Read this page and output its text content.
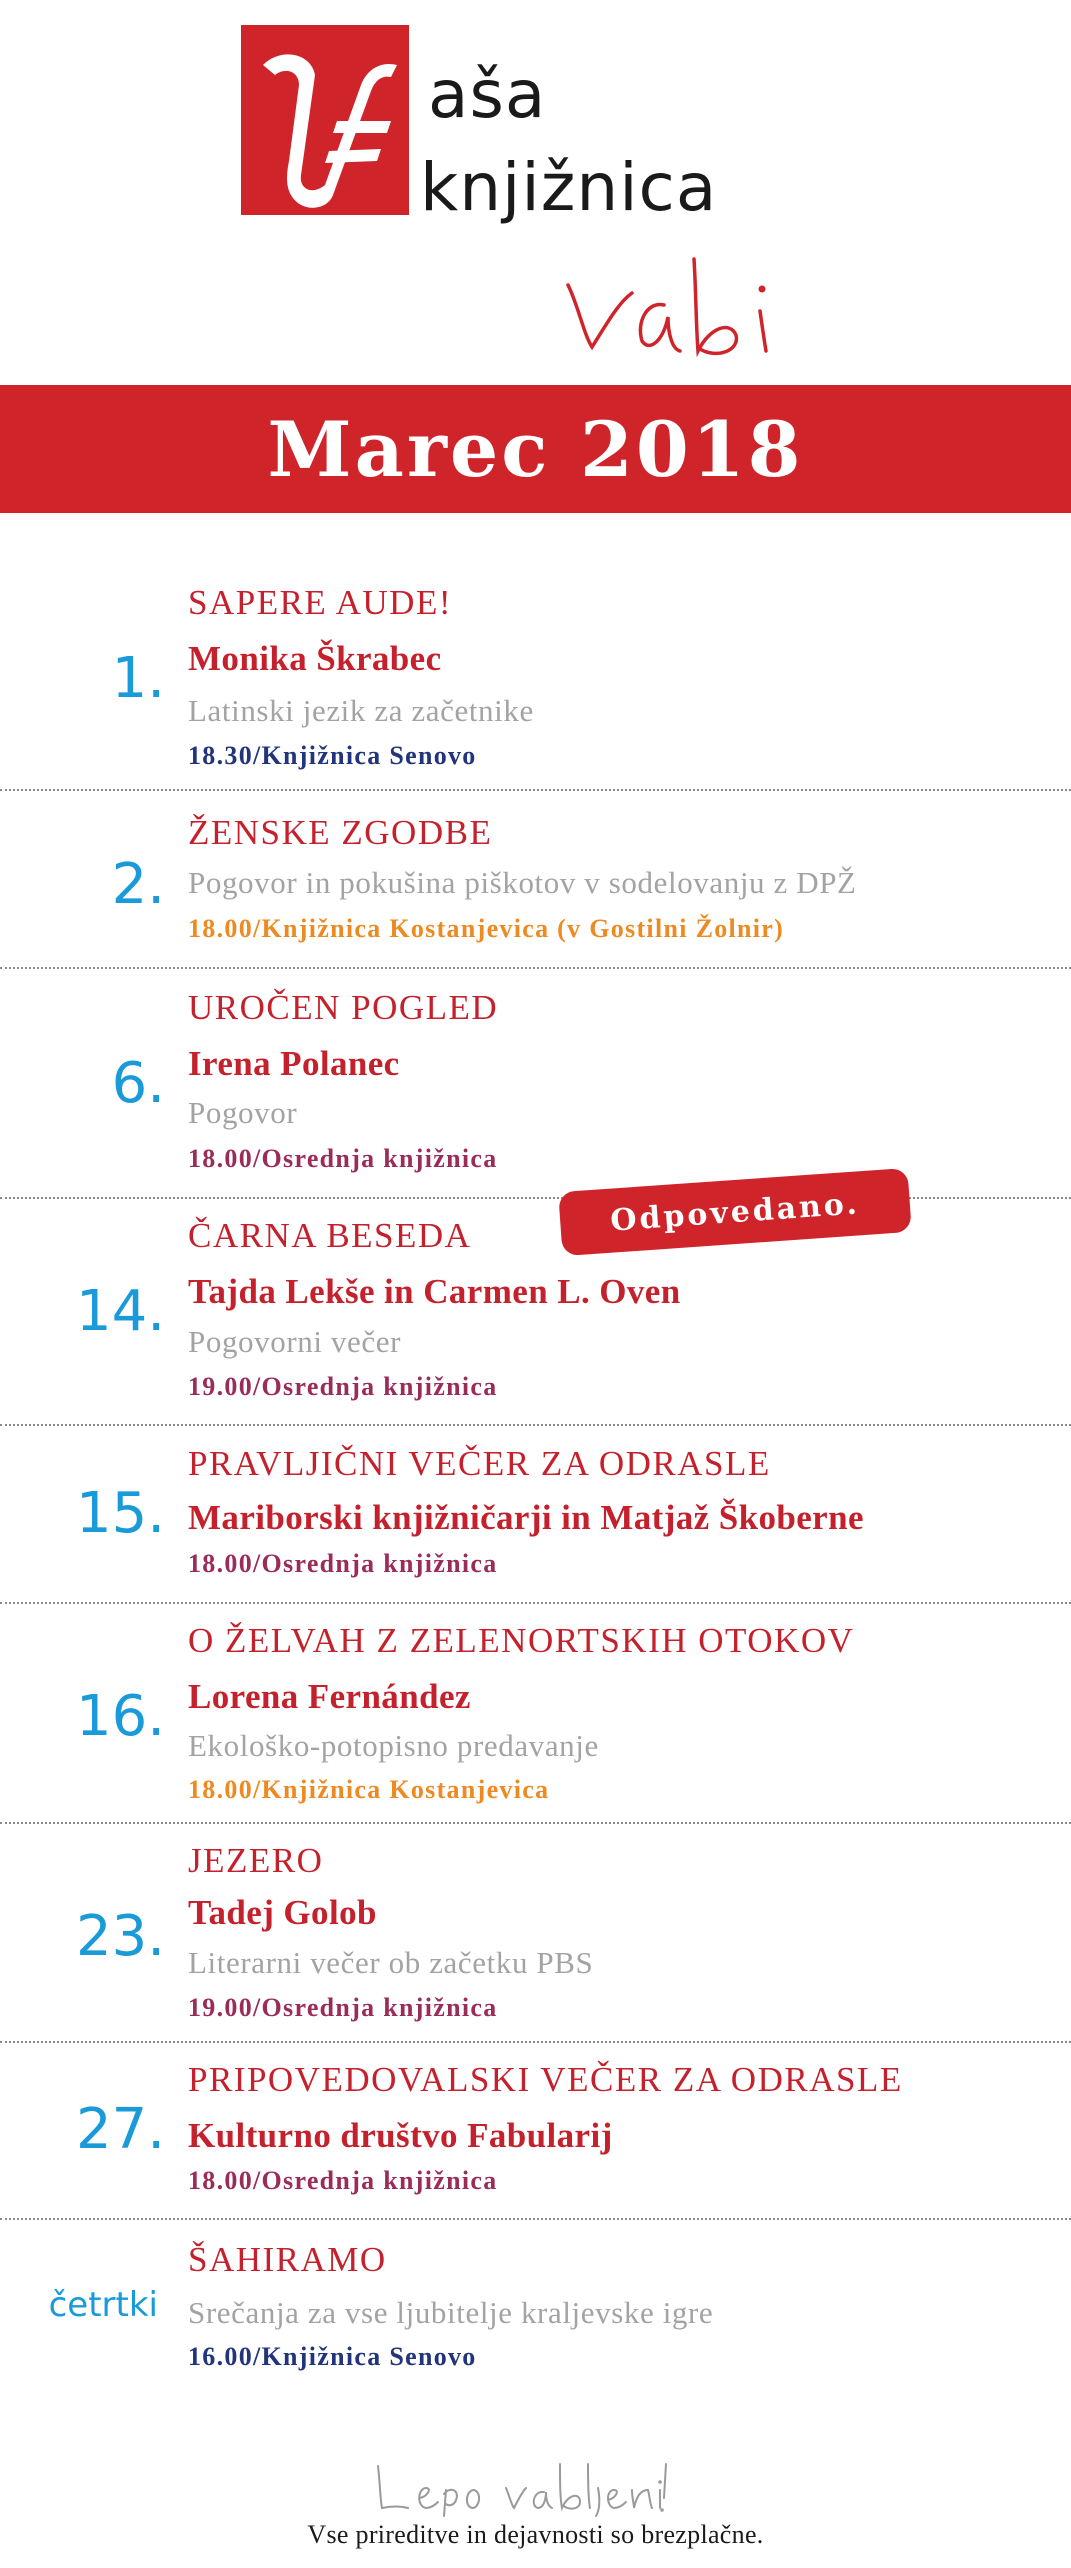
aša
knjižnica
Marec 2018
1.
SAPERE AUDE!
Monika Škrabec
Latinski jezik za začetnike
18.30/Knjižnica Senovo
2.
ŽENSKE ZGODBE
Pogovor in pokušina piškotov v sodelovanju z DPŽ
18.00/Knjižnica Kostanjevica (v Gostilni Žolnir)
6.
UROČEN POGLED
Irena Polanec
Pogovor
18.00/Osrednja knjižnica
14.
ČARNA BESEDA
Tajda Lekše in Carmen L. Oven
Pogovorni večer
19.00/Osrednja knjižnica
Odpovedano.
15.
PRAVLJIČNI VEČER ZA ODRASLE
Mariborski knjižničarji in Matjaž Škoberne
18.00/Osrednja knjižnica
16.
O ŽELVAH Z ZELENORTSKIH OTOKOV
Lorena Fernández
Ekološko-potopisno predavanje
18.00/Knjižnica Kostanjevica
23.
JEZERO
Tadej Golob
Literarni večer ob začetku PBS
19.00/Osrednja knjižnica
27.
PRIPOVEDOVALSKI VEČER ZA ODRASLE
Kulturno društvo Fabularij
18.00/Osrednja knjižnica
četrtki
ŠAHIRAMO
Srečanja za vse ljubitelje kraljevske igre
16.00/Knjižnica Senovo
Vse prireditve in dejavnosti so brezplačne.
